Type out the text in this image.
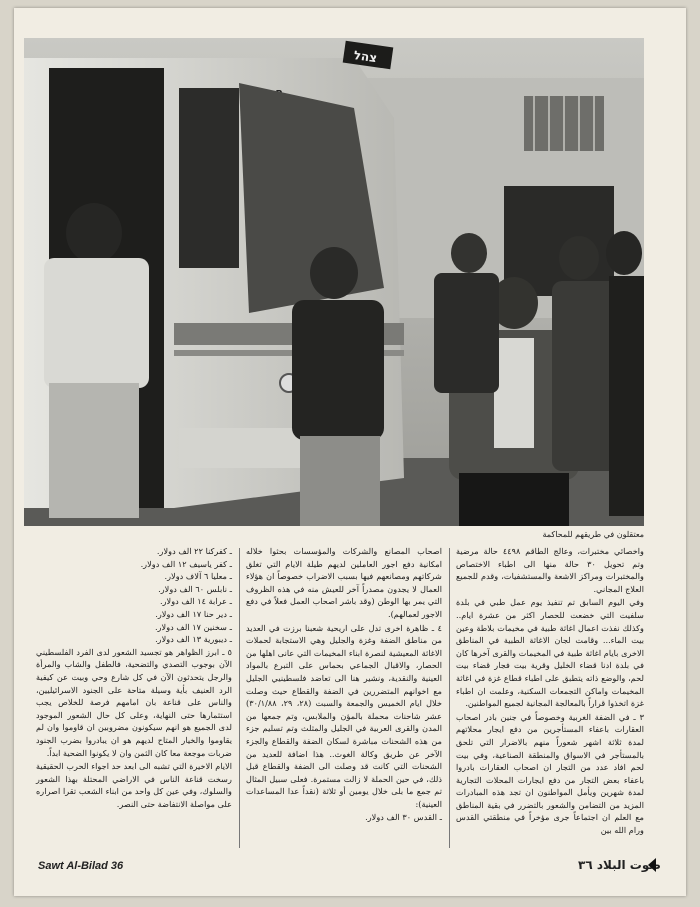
צהל
معتقلون في طريقهم للمحاكمة

واخصائي مختبرات، وعالج الطاقم ٤٤٩٨ حالة مرضية وتم تحويل ٣٠ حالة منها الى اطباء الاختصاص والمختبرات ومراكز الاشعة والمستشفيات، وقدم للجميع العلاج المجاني.

وفي اليوم السابق تم تنفيذ يوم عمل طبي في بلدة سلفيت التي خضعت للحصار اكثر من عشرة ايام.. وكذلك نفذت اعمال اغاثة طبية في مخيمات بلاطة وعين بيت الماء... وقامت لجان الاغاثة الطبية في المناطق الاخرى بايام اغاثة طبية في المخيمات والقرى آخرها كان في بلدة ادنا قضاء الخليل وقرية بيت فجار قضاء بيت لحم، والوضع ذاته يتطبق على اطباء قطاع غزة في اغاثة المخيمات واماكن التجمعات السكنية، وعلمت ان اطباء غزة اتخذوا قراراً بالمعالجة المجانية لجميع المواطنين.

٣ ـ في الضفة الغربية وخصوصاً في جنين بادر اصحاب العقارات باعفاء المستأجرين من دفع ايجار محلاتهم لمدة ثلاثة اشهر شعوراً منهم بالاضرار التي تلحق بالمستأجر في الاسواق والمنطقة الصناعية، وفي بيت لحم افاد عدد من التجار ان اصحاب العقارات بادروا باعفاء بعض التجار من دفع ايجارات المحلات التجارية لمدة شهرين ويأمل المواطنون ان تجد هذه المبادرات المزيد من التضامن والشعور بالتضرر في بقية المناطق مع العلم ان اجتماعاً جرى مؤخراً في منطقتي القدس ورام الله بين

اصحاب المصانع والشركات والمؤسسات بحثوا خلاله امكانية دفع اجور العاملين لديهم طيلة الايام التي تغلق شركاتهم ومصانعهم فيها بسبب الاضراب خصوصاً ان هؤلاء العمال لا يجدون مصدراً آخر للعيش منه في هذه الظروف التي يمر بها الوطن (وقد باشر اصحاب العمل فعلاً في دفع الاجور لعمالهم).

٤ ـ ظاهرة اخرى تدل على اريحية شعبنا برزت في العديد من مناطق الضفة وغزة والجليل وهي الاستجابة لحملات الاغاثة المعيشية لنصرة ابناء المخيمات التي عانى اهلها من الحصار، والاقبال الجماعي بحماس على التبرع بالمواد العينية والنقدية، ونشير هنا الى تعاضد فلسطينيي الجليل مع اخوانهم المتضررين في الضفة والقطاع حيث وصلت خلال ايام الخميس والجمعة والسبت (٢٨، ٢٩، ٣٠/١/٨٨) عشر شاحنات محملة بالمؤن والملابس، وتم جمعها من المدن والقرى العربية في الجليل والمثلث وتم تسليم جزء من هذه الشحنات مباشرة لسكان الضفة والقطاع والجزء الآخر عن طريق وكالة الغوث.. هذا اضافة للعديد من الشحنات التي كانت قد وصلت الى الضفة والقطاع قبل ذلك، في حين الحملة لا زالت مستمرة. فعلى سبيل المثال تم جمع ما بلى خلال يومين أو ثلاثة (نقداً عدا المساعدات العينية):

ـ القدس ٣٠ الف دولار.

ـ كفركنا ٢٢ الف دولار.
ـ كفر ياسيف ١٢ الف دولار.
ـ معليا ٦ آلاف دولار.
ـ نابلس ٦٠ الف دولار.
ـ عرابة ١٤ الف دولار.
ـ دير حنا ١٧ الف دولار.
ـ سخنين ١٧ الف دولار.
ـ ديبورية ١٣ الف دولار.

٥ ـ ابرز الظواهر هو تجسيد الشعور لدى الفرد الفلسطيني الآن بوجوب التصدي والتضحية، فالطفل والشاب والمرأة والرجل يتحدثون الآن في كل شارع وحي وبيت عن كيفية الرد العنيف بأية وسيلة متاحة على الجنود الاسرائيليين، والناس على قناعة بان امامهم فرصة للخلاص يجب استثمارها حتى النهاية، وعلى كل حال الشعور الموجود لدى الجميع هو انهم سيكونون مضروبين ان قاوموا وان لم يقاوموا والخيار المتاح لديهم هو ان يبادروا بضرب الجنود ضربات موجعة معا كان الثمن وان لا يكونوا الضحية ابداً.

الايام الاخيرة التي تشبه الى ابعد حد اجواء الحرب الحقيقية رسخت قناعة الناس في الاراضي المحتلة بهذا الشعور والسلوك، وفي عين كل واحد من ابناء الشعب تقرا اصراره على مواصلة الانتفاضة حتى النصر.

Sawt Al-Bilad 36	صوت البلاد ٣٦
